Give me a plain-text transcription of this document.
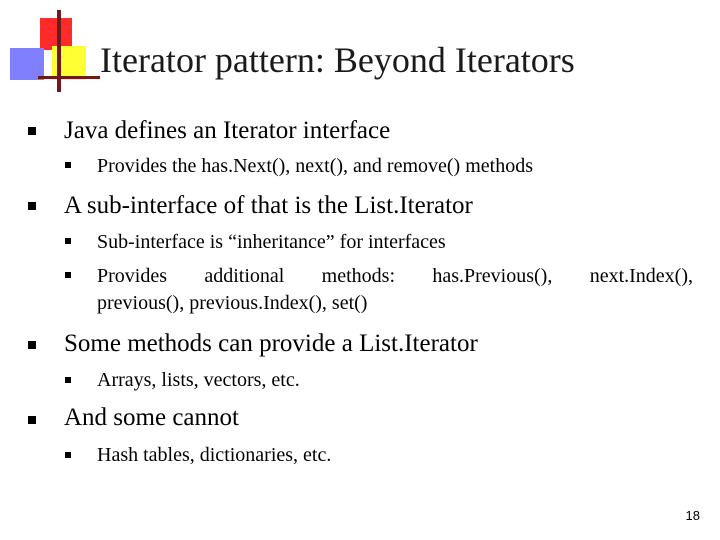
Iterator pattern: Beyond Iterators
Java defines an Iterator interface
Provides the has.Next(), next(), and remove() methods
A sub-interface of that is the List.Iterator
Sub-interface is “inheritance” for interfaces
Provides additional methods: has.Previous(), next.Index(),
previous(), previous.Index(), set()
Some methods can provide a List.Iterator
Arrays, lists, vectors, etc.
And some cannot
Hash tables, dictionaries, etc.
18
